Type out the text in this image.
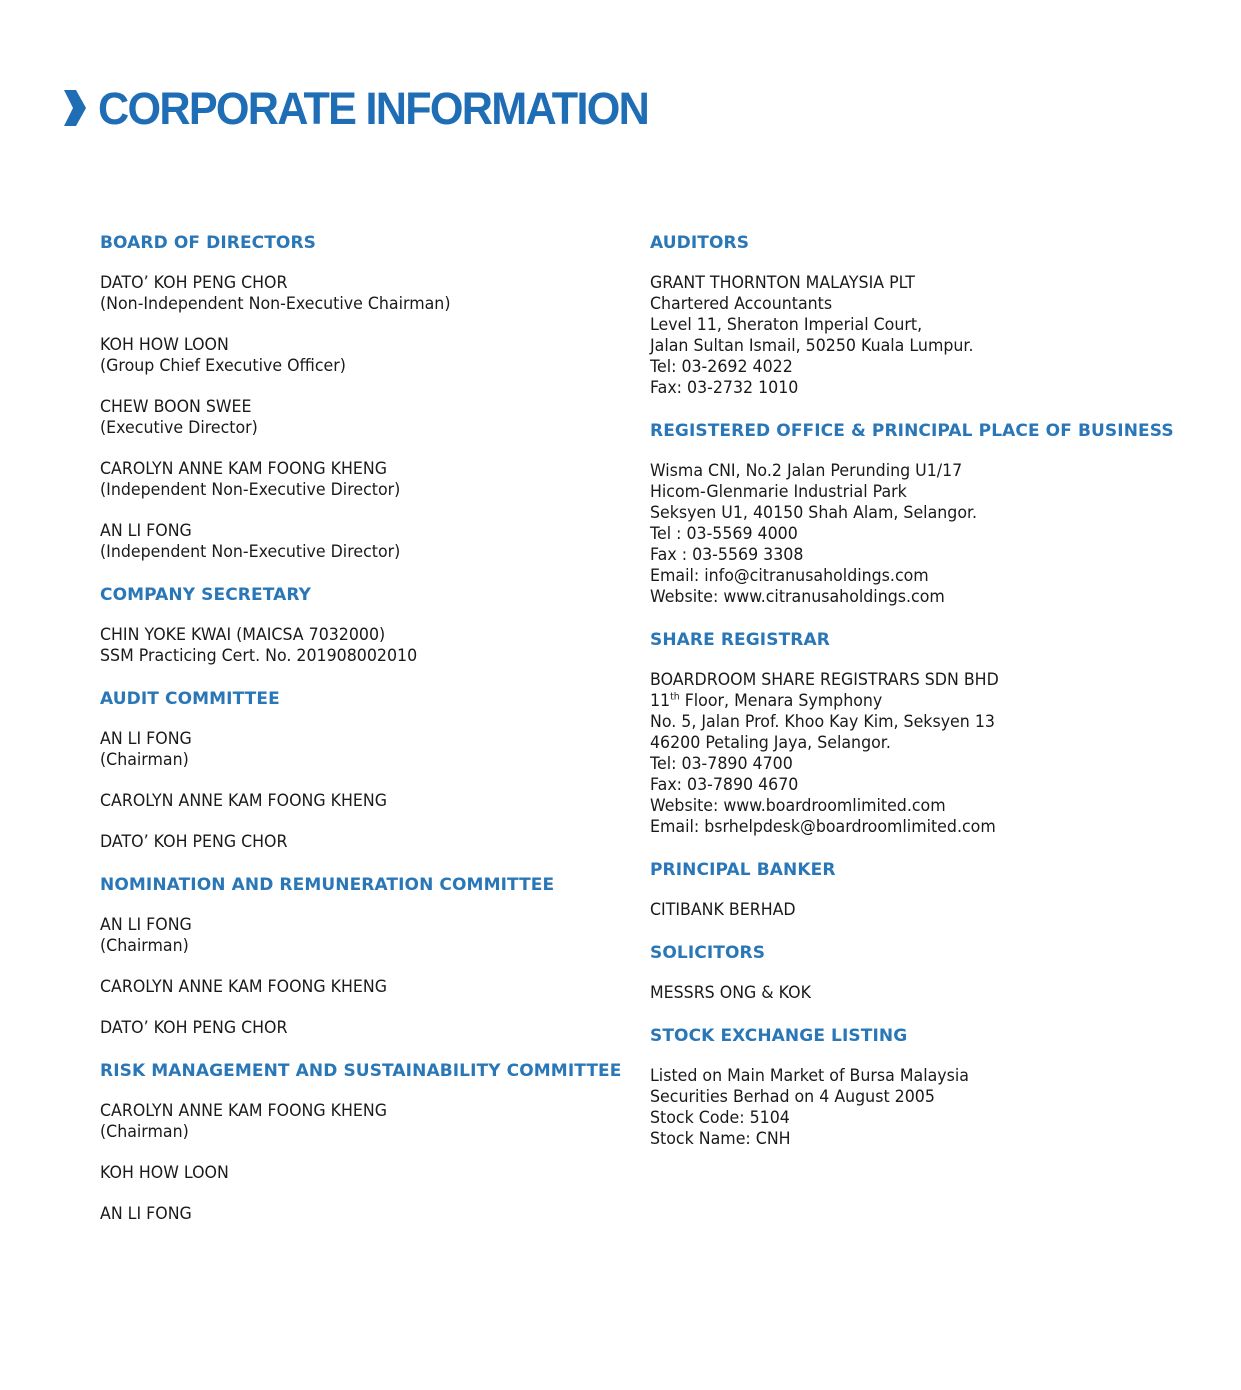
CORPORATE INFORMATION
BOARD OF DIRECTORS
DATO’ KOH PENG CHOR
(Non-Independent Non-Executive Chairman)
KOH HOW LOON
(Group Chief Executive Officer)
CHEW BOON SWEE
(Executive Director)
CAROLYN ANNE KAM FOONG KHENG
(Independent Non-Executive Director)
AN LI FONG
(Independent Non-Executive Director)
COMPANY SECRETARY
CHIN YOKE KWAI (MAICSA 7032000)
SSM Practicing Cert. No. 201908002010
AUDIT COMMITTEE
AN LI FONG
(Chairman)
CAROLYN ANNE KAM FOONG KHENG
DATO’ KOH PENG CHOR
NOMINATION AND REMUNERATION COMMITTEE
AN LI FONG
(Chairman)
CAROLYN ANNE KAM FOONG KHENG
DATO’ KOH PENG CHOR
RISK MANAGEMENT AND SUSTAINABILITY COMMITTEE
CAROLYN ANNE KAM FOONG KHENG
(Chairman)
KOH HOW LOON
AN LI FONG
AUDITORS
GRANT THORNTON MALAYSIA PLT
Chartered Accountants
Level 11, Sheraton Imperial Court,
Jalan Sultan Ismail, 50250 Kuala Lumpur.
Tel: 03-2692 4022
Fax: 03-2732 1010
REGISTERED OFFICE & PRINCIPAL PLACE OF BUSINESS
Wisma CNI, No.2 Jalan Perunding U1/17
Hicom-Glenmarie Industrial Park
Seksyen U1, 40150 Shah Alam, Selangor.
Tel : 03-5569 4000
Fax : 03-5569 3308
Email: info@citranusaholdings.com
Website: www.citranusaholdings.com
SHARE REGISTRAR
BOARDROOM SHARE REGISTRARS SDN BHD
11th Floor, Menara Symphony
No. 5, Jalan Prof. Khoo Kay Kim, Seksyen 13
46200 Petaling Jaya, Selangor.
Tel: 03-7890 4700
Fax: 03-7890 4670
Website: www.boardroomlimited.com
Email: bsrhelpdesk@boardroomlimited.com
PRINCIPAL BANKER
CITIBANK BERHAD
SOLICITORS
MESSRS ONG & KOK
STOCK EXCHANGE LISTING
Listed on Main Market of Bursa Malaysia
Securities Berhad on 4 August 2005
Stock Code: 5104
Stock Name: CNH
